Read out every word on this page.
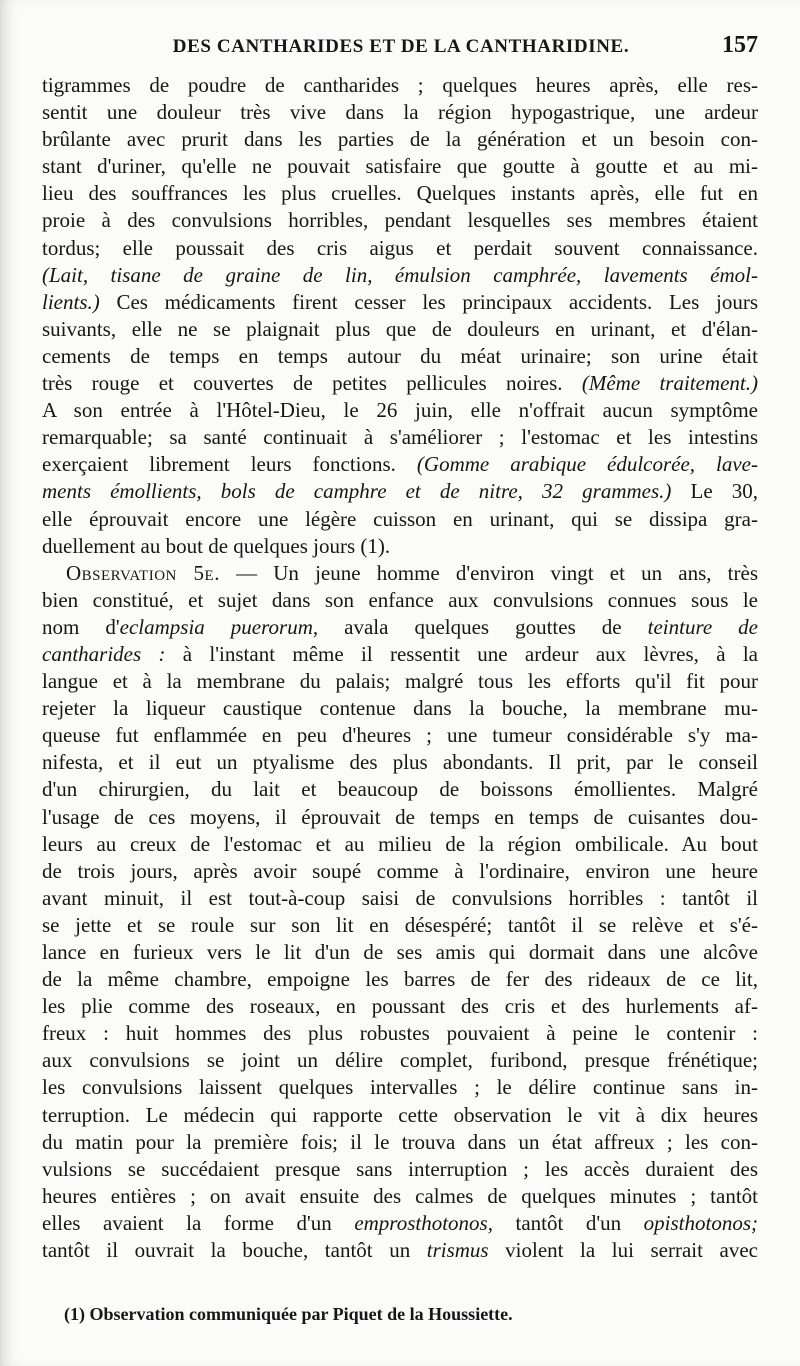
DES CANTHARIDES ET DE LA CANTHARIDINE.	157
tigrammes de poudre de cantharides ; quelques heures après, elle res-
sentit une douleur très vive dans la région hypogastrique, une ardeur
brûlante avec prurit dans les parties de la génération et un besoin con-
stant d'uriner, qu'elle ne pouvait satisfaire que goutte à goutte et au mi-
lieu des souffrances les plus cruelles. Quelques instants après, elle fut en
proie à des convulsions horribles, pendant lesquelles ses membres étaient
tordus; elle poussait des cris aigus et perdait souvent connaissance.
(Lait, tisane de graine de lin, émulsion camphrée, lavements émol-
lients.) Ces médicaments firent cesser les principaux accidents. Les jours
suivants, elle ne se plaignait plus que de douleurs en urinant, et d'élan-
cements de temps en temps autour du méat urinaire; son urine était
très rouge et couvertes de petites pellicules noires. (Même traitement.)
A son entrée à l'Hôtel-Dieu, le 26 juin, elle n'offrait aucun symptôme
remarquable; sa santé continuait à s'améliorer ; l'estomac et les intestins
exerçaient librement leurs fonctions. (Gomme arabique édulcorée, lave-
ments émollients, bols de camphre et de nitre, 32 grammes.) Le 30,
elle éprouvait encore une légère cuisson en urinant, qui se dissipa gra-
duellement au bout de quelques jours (1).
Observation 5e. — Un jeune homme d'environ vingt et un ans, très
bien constitué, et sujet dans son enfance aux convulsions connues sous le
nom d'eclampsia puerorum, avala quelques gouttes de teinture de
cantharides : à l'instant même il ressentit une ardeur aux lèvres, à la
langue et à la membrane du palais; malgré tous les efforts qu'il fit pour
rejeter la liqueur caustique contenue dans la bouche, la membrane mu-
queuse fut enflammée en peu d'heures ; une tumeur considérable s'y ma-
nifesta, et il eut un ptyalisme des plus abondants. Il prit, par le conseil
d'un chirurgien, du lait et beaucoup de boissons émollientes. Malgré
l'usage de ces moyens, il éprouvait de temps en temps de cuisantes dou-
leurs au creux de l'estomac et au milieu de la région ombilicale. Au bout
de trois jours, après avoir soupé comme à l'ordinaire, environ une heure
avant minuit, il est tout-à-coup saisi de convulsions horribles : tantôt il
se jette et se roule sur son lit en désespéré; tantôt il se relève et s'é-
lance en furieux vers le lit d'un de ses amis qui dormait dans une alcôve
de la même chambre, empoigne les barres de fer des rideaux de ce lit,
les plie comme des roseaux, en poussant des cris et des hurlements af-
freux : huit hommes des plus robustes pouvaient à peine le contenir :
aux convulsions se joint un délire complet, furibond, presque frénétique;
les convulsions laissent quelques intervalles ; le délire continue sans in-
terruption. Le médecin qui rapporte cette observation le vit à dix heures
du matin pour la première fois; il le trouva dans un état affreux ; les con-
vulsions se succédaient presque sans interruption ; les accès duraient des
heures entières ; on avait ensuite des calmes de quelques minutes ; tantôt
elles avaient la forme d'un emprosthotonos, tantôt d'un opisthotonos;
tantôt il ouvrait la bouche, tantôt un trismus violent la lui serrait avec
(1) Observation communiquée par Piquet de la Houssiette.
